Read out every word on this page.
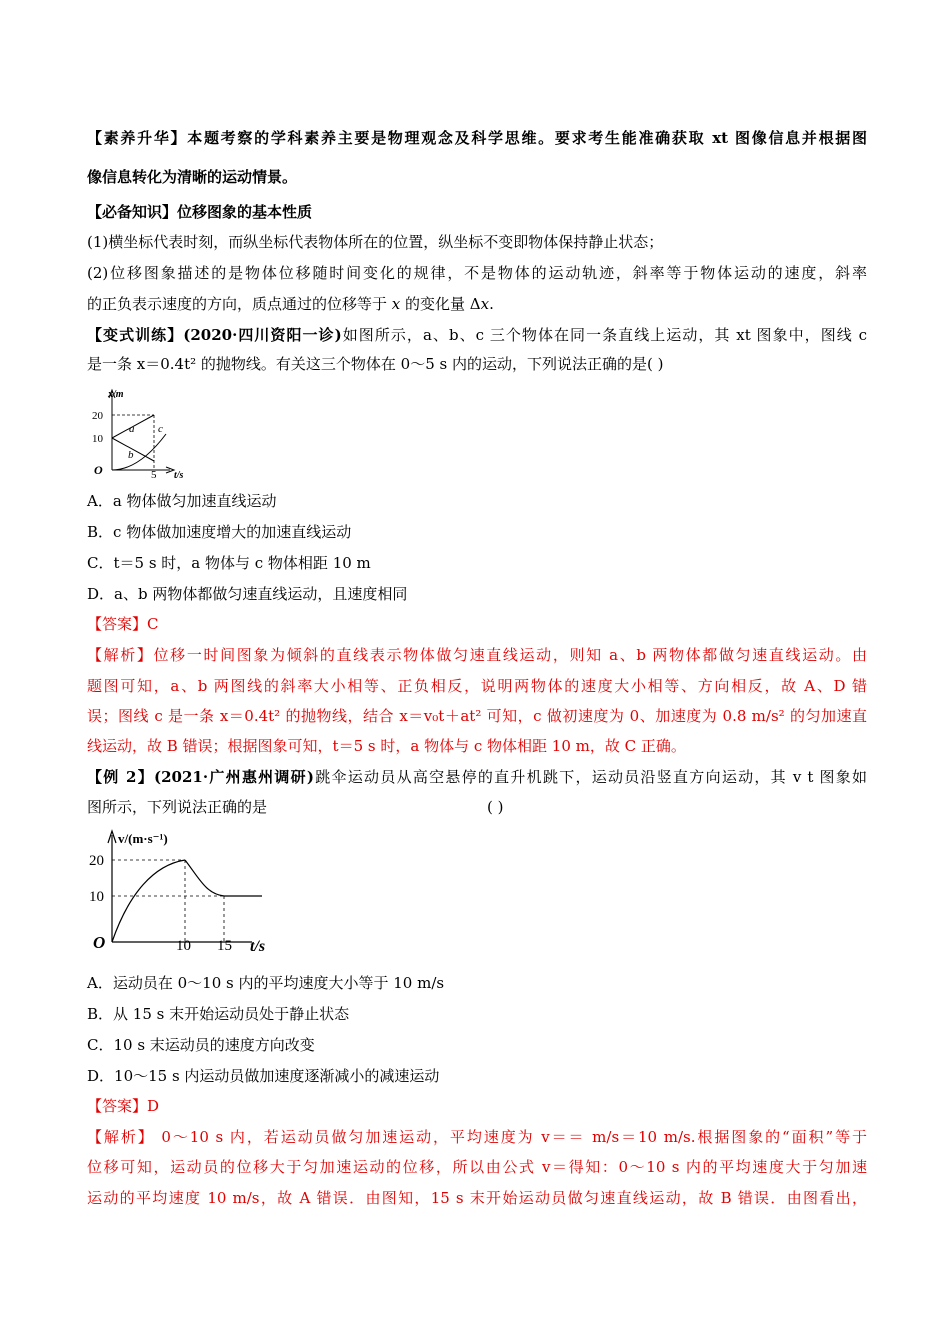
【素养升华】本题考察的学科素养主要是物理观念及科学思维。要求考生能准确获取 xt 图像信息并根据图
像信息转化为清晰的运动情景。
【必备知识】位移图象的基本性质
(1)横坐标代表时刻，而纵坐标代表物体所在的位置，纵坐标不变即物体保持静止状态；
(2)位移图象描述的是物体位移随时间变化的规律，不是物体的运动轨迹，斜率等于物体运动的速度，斜率
的正负表示速度的方向，质点通过的位移等于 x 的变化量 Δx.
【变式训练】(2020·四川资阳一诊)如图所示，a、b、c 三个物体在同一条直线上运动，其 xt 图象中，图线 c
是一条 x＝0.4t² 的抛物线。有关这三个物体在 0～5 s 内的运动，下列说法正确的是( )
x/m
20
10
O	5 t/s
a
b
c
A．a 物体做匀加速直线运动
B．c 物体做加速度增大的加速直线运动
C．t＝5 s 时，a 物体与 c 物体相距 10 m
D．a、b 两物体都做匀速直线运动，且速度相同
【答案】C
【解析】位移一时间图象为倾斜的直线表示物体做匀速直线运动，则知 a、b 两物体都做匀速直线运动。由
题图可知，a、b 两图线的斜率大小相等、正负相反，说明两物体的速度大小相等、方向相反，故 A、D 错
误；图线 c 是一条 x＝0.4t² 的抛物线，结合 x＝v₀t＋at² 可知，c 做初速度为 0、加速度为 0.8 m/s² 的匀加速直
线运动，故 B 错误；根据图象可知，t＝5 s 时，a 物体与 c 物体相距 10 m，故 C 正确。
【例 2】(2021·广州惠州调研)跳伞运动员从高空悬停的直升机跳下，运动员沿竖直方向运动，其 v t 图象如
图所示，下列说法正确的是	( )
v/(m·s⁻¹)
20
10
O	10 15 t/s
A．运动员在 0～10 s 内的平均速度大小等于 10 m/s
B．从 15 s 末开始运动员处于静止状态
C．10 s 末运动员的速度方向改变
D．10～15 s 内运动员做加速度逐渐减小的减速运动
【答案】D
【解析】 0～10 s 内，若运动员做匀加速运动，平均速度为 v＝＝ m/s＝10 m/s.根据图象的“面积”等于
位移可知，运动员的位移大于匀加速运动的位移，所以由公式 v＝得知：0～10 s 内的平均速度大于匀加速
运动的平均速度 10 m/s，故 A 错误．由图知，15 s 末开始运动员做匀速直线运动，故 B 错误．由图看出，
